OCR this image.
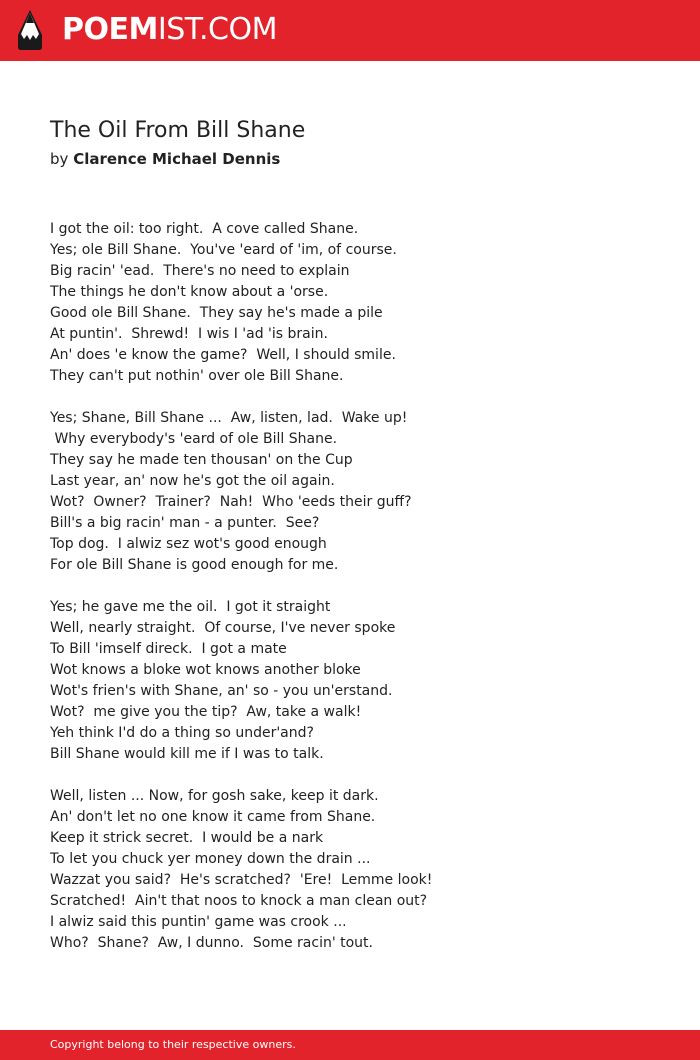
POEMIST.COM
The Oil From Bill Shane
by Clarence Michael Dennis
I got the oil: too right.  A cove called Shane.
Yes; ole Bill Shane.  You've 'eard of 'im, of course.
Big racin' 'ead.  There's no need to explain
The things he don't know about a 'orse.
Good ole Bill Shane.  They say he's made a pile
At puntin'.  Shrewd!  I wis I 'ad 'is brain.
An' does 'e know the game?  Well, I should smile.
They can't put nothin' over ole Bill Shane.
Yes; Shane, Bill Shane ...  Aw, listen, lad.  Wake up!
Why everybody's 'eard of ole Bill Shane.
They say he made ten thousan' on the Cup
Last year, an' now he's got the oil again.
Wot?  Owner?  Trainer?  Nah!  Who 'eeds their guff?
Bill's a big racin' man - a punter.  See?
Top dog.  I alwiz sez wot's good enough
For ole Bill Shane is good enough for me.
Yes; he gave me the oil.  I got it straight
Well, nearly straight.  Of course, I've never spoke
To Bill 'imself direck.  I got a mate
Wot knows a bloke wot knows another bloke
Wot's frien's with Shane, an' so - you un'erstand.
Wot?  me give you the tip?  Aw, take a walk!
Yeh think I'd do a thing so under'and?
Bill Shane would kill me if I was to talk.
Well, listen ... Now, for gosh sake, keep it dark.
An' don't let no one know it came from Shane.
Keep it strick secret.  I would be a nark
To let you chuck yer money down the drain ...
Wazzat you said?  He's scratched?  'Ere!  Lemme look!
Scratched!  Ain't that noos to knock a man clean out?
I alwiz said this puntin' game was crook ...
Who?  Shane?  Aw, I dunno.  Some racin' tout.
Copyright belong to their respective owners.
